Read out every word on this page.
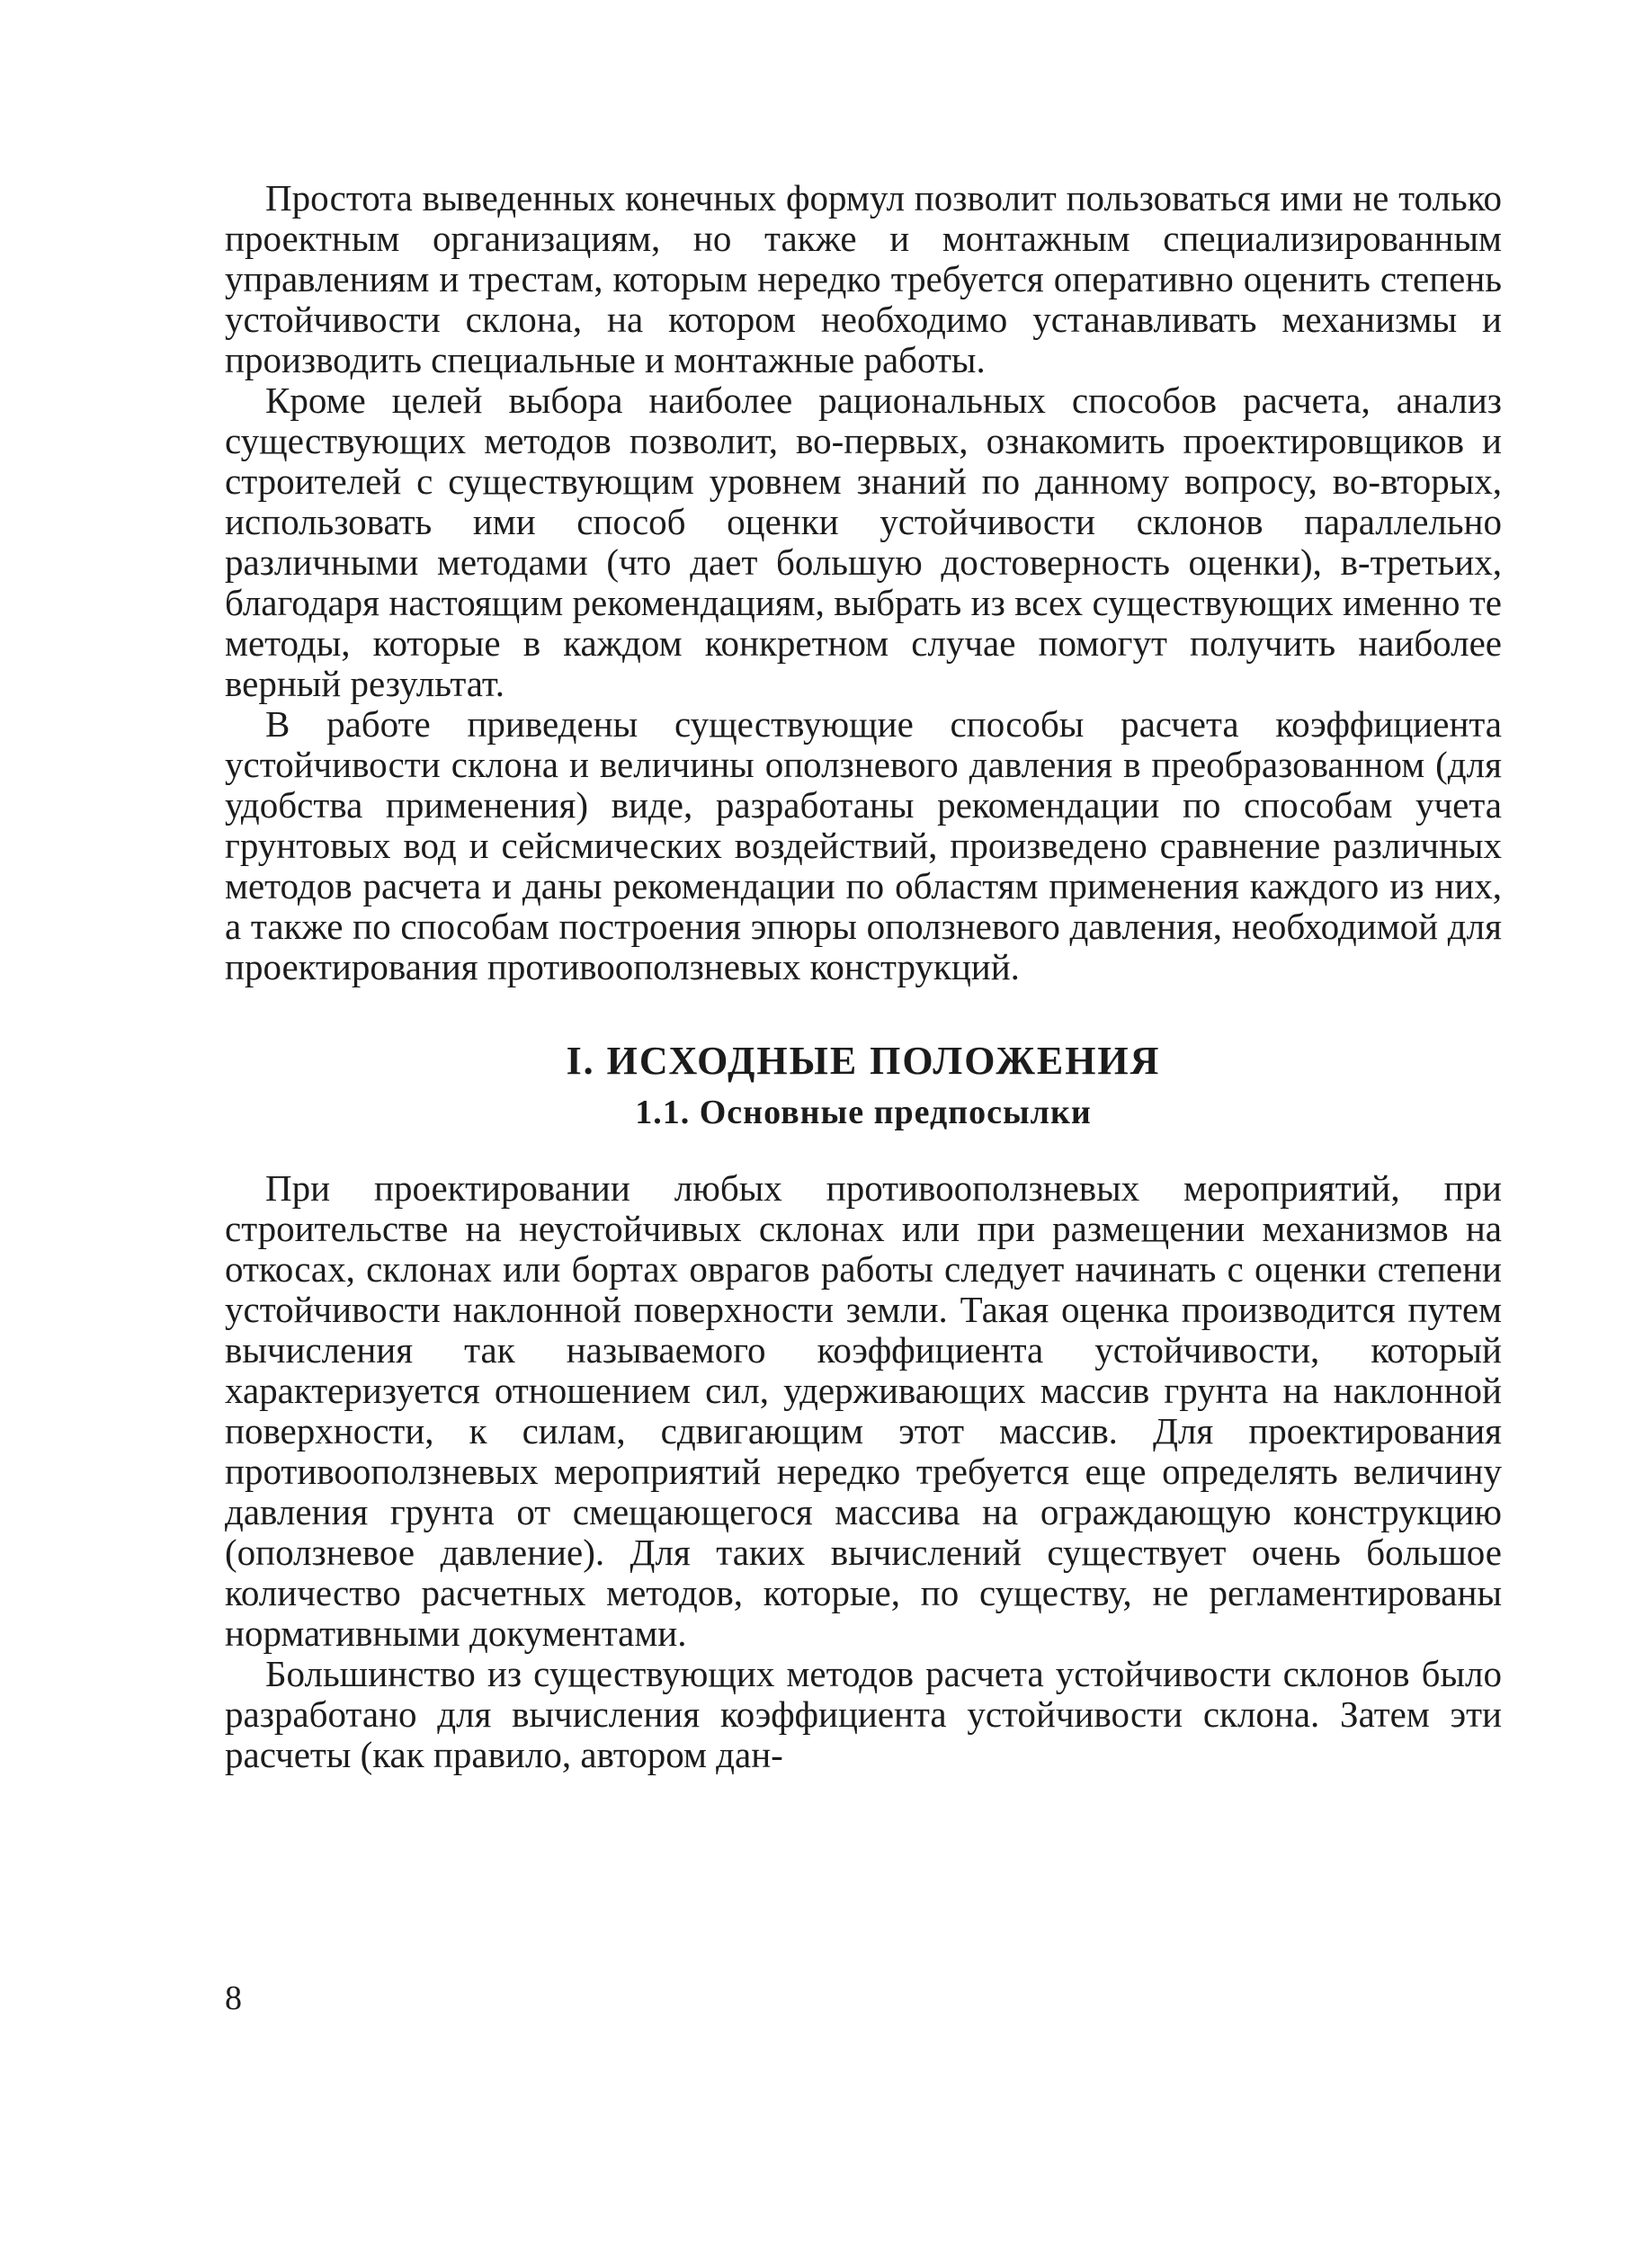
Простота выведенных конечных формул позволит пользоваться ими не только проектным организациям, но также и монтажным специализированным управлениям и трестам, которым нередко требуется оперативно оценить степень устойчивости склона, на котором необходимо устанавливать механизмы и производить специальные и монтажные работы.

Кроме целей выбора наиболее рациональных способов расчета, анализ существующих методов позволит, во-первых, ознакомить проектировщиков и строителей с существующим уровнем знаний по данному вопросу, во-вторых, использовать ими способ оценки устойчивости склонов параллельно различными методами (что дает большую достоверность оценки), в-третьих, благодаря настоящим рекомендациям, выбрать из всех существующих именно те методы, которые в каждом конкретном случае помогут получить наиболее верный результат.

В работе приведены существующие способы расчета коэффициента устойчивости склона и величины оползневого давления в преобразованном (для удобства применения) виде, разработаны рекомендации по способам учета грунтовых вод и сейсмических воздействий, произведено сравнение различных методов расчета и даны рекомендации по областям применения каждого из них, а также по способам построения эпюры оползневого давления, необходимой для проектирования противооползневых конструкций.

I. ИСХОДНЫЕ ПОЛОЖЕНИЯ
1.1. Основные предпосылки

При проектировании любых противооползневых мероприятий, при строительстве на неустойчивых склонах или при размещении механизмов на откосах, склонах или бортах оврагов работы следует начинать с оценки степени устойчивости наклонной поверхности земли. Такая оценка производится путем вычисления так называемого коэффициента устойчивости, который характеризуется отношением сил, удерживающих массив грунта на наклонной поверхности, к силам, сдвигающим этот массив. Для проектирования противооползневых мероприятий нередко требуется еще определять величину давления грунта от смещающегося массива на ограждающую конструкцию (оползневое давление). Для таких вычислений существует очень большое количество расчетных методов, которые, по существу, не регламентированы нормативными документами.

Большинство из существующих методов расчета устойчивости склонов было разработано для вычисления коэффициента устойчивости склона. Затем эти расчеты (как правило, автором дан-

8
